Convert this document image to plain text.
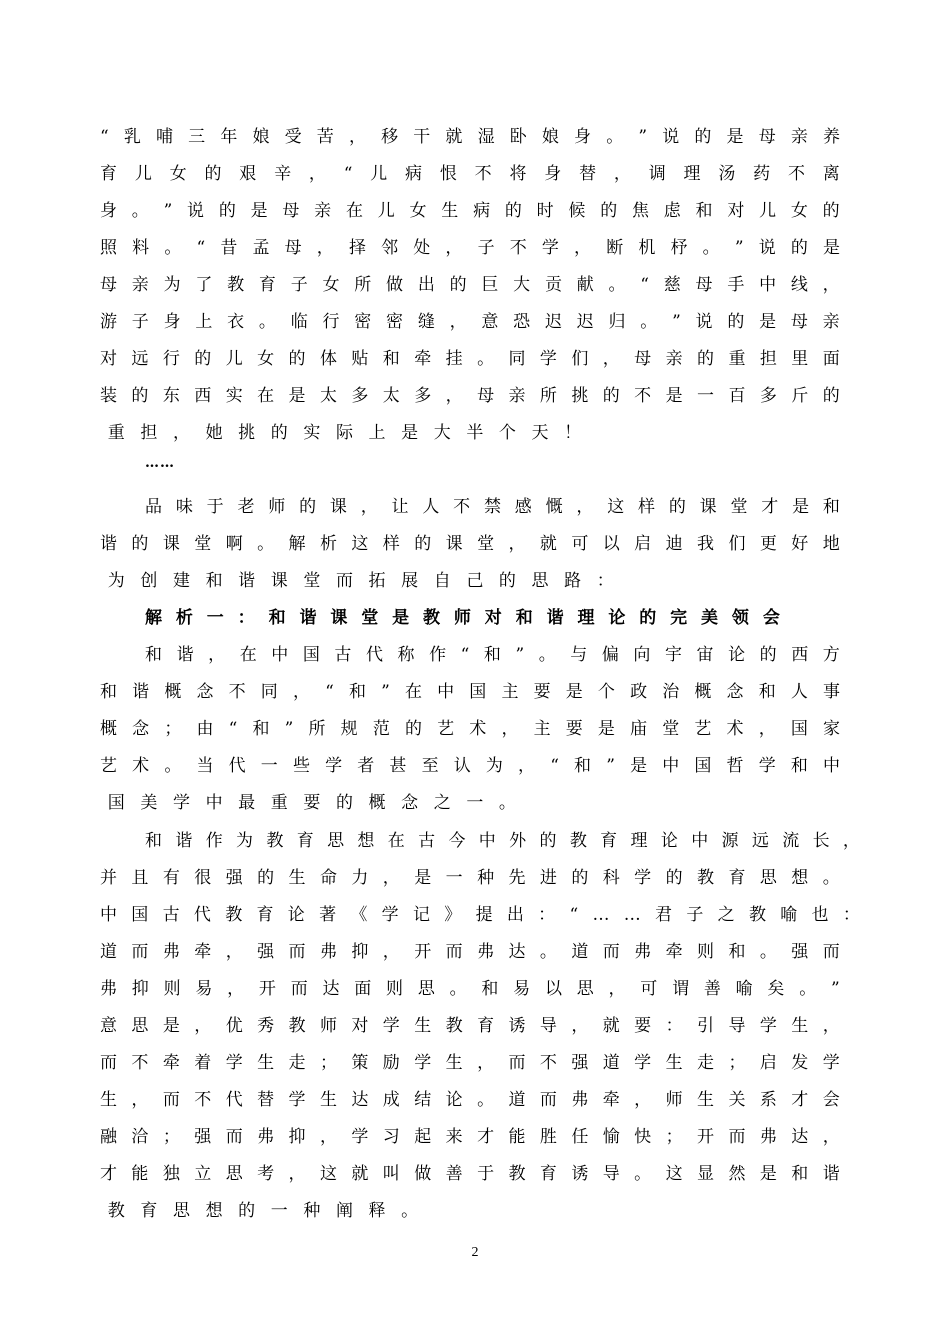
“ 乳 哺 三 年 娘 受 苦 ， 移 干 就 湿 卧 娘 身 。 ” 说 的 是 母 亲 养
育 儿 女 的 艰 辛 ， “ 儿 病 恨 不 将 身 替 ， 调 理 汤 药 不 离
身 。 ” 说 的 是 母 亲 在 儿 女 生 病 的 时 候 的 焦 虑 和 对 儿 女 的
照 料 。 “ 昔 孟 母 ， 择 邻 处 ， 子 不 学 ， 断 机 杼 。 ” 说 的 是
母 亲 为 了 教 育 子 女 所 做 出 的 巨 大 贡 献 。 “ 慈 母 手 中 线 ，
游 子 身 上 衣 。 临 行 密 密 缝 ， 意 恐 迟 迟 归 。 ” 说 的 是 母 亲
对 远 行 的 儿 女 的 体 贴 和 牵 挂 。 同 学 们 ， 母 亲 的 重 担 里 面
装 的 东 西 实 在 是 太 多 太 多 ， 母 亲 所 挑 的 不 是 一 百 多 斤 的
重 担 ， 她 挑 的 实 际 上 是 大 半 个 天 ！
……
品 味 于 老 师 的 课 ， 让 人 不 禁 感 慨 ， 这 样 的 课 堂 才 是 和
谐 的 课 堂 啊 。 解 析 这 样 的 课 堂 ， 就 可 以 启 迪 我 们 更 好 地
为 创 建 和 谐 课 堂 而 拓 展 自 己 的 思 路 ：
解 析 一 ： 和 谐 课 堂 是 教 师 对 和 谐 理 论 的 完 美 领 会
和 谐 ， 在 中 国 古 代 称 作 “ 和 ” 。 与 偏 向 宇 宙 论 的 西 方
和 谐 概 念 不 同 ， “ 和 ” 在 中 国 主 要 是 个 政 治 概 念 和 人 事
概 念 ； 由 “ 和 ” 所 规 范 的 艺 术 ， 主 要 是 庙 堂 艺 术 ， 国 家
艺 术 。 当 代 一 些 学 者 甚 至 认 为 ， “ 和 ” 是 中 国 哲 学 和 中
国 美 学 中 最 重 要 的 概 念 之 一 。
和 谐 作 为 教 育 思 想 在 古 今 中 外 的 教 育 理 论 中 源 远 流 长 ，
并 且 有 很 强 的 生 命 力 ， 是 一 种 先 进 的 科 学 的 教 育 思 想 。
中 国 古 代 教 育 论 著 《 学 记 》 提 出 ： “ … … 君 子 之 教 喻 也 ：
道 而 弗 牵 ， 强 而 弗 抑 ， 开 而 弗 达 。 道 而 弗 牵 则 和 。 强 而
弗 抑 则 易 ， 开 而 达 面 则 思 。 和 易 以 思 ， 可 谓 善 喻 矣 。 ”
意 思 是 ， 优 秀 教 师 对 学 生 教 育 诱 导 ， 就 要 ： 引 导 学 生 ，
而 不 牵 着 学 生 走 ； 策 励 学 生 ， 而 不 强 道 学 生 走 ； 启 发 学
生 ， 而 不 代 替 学 生 达 成 结 论 。 道 而 弗 牵 ， 师 生 关 系 才 会
融 洽 ； 强 而 弗 抑 ， 学 习 起 来 才 能 胜 任 愉 快 ； 开 而 弗 达 ，
才 能 独 立 思 考 ， 这 就 叫 做 善 于 教 育 诱 导 。 这 显 然 是 和 谐
教 育 思 想 的 一 种 阐 释 。
2
